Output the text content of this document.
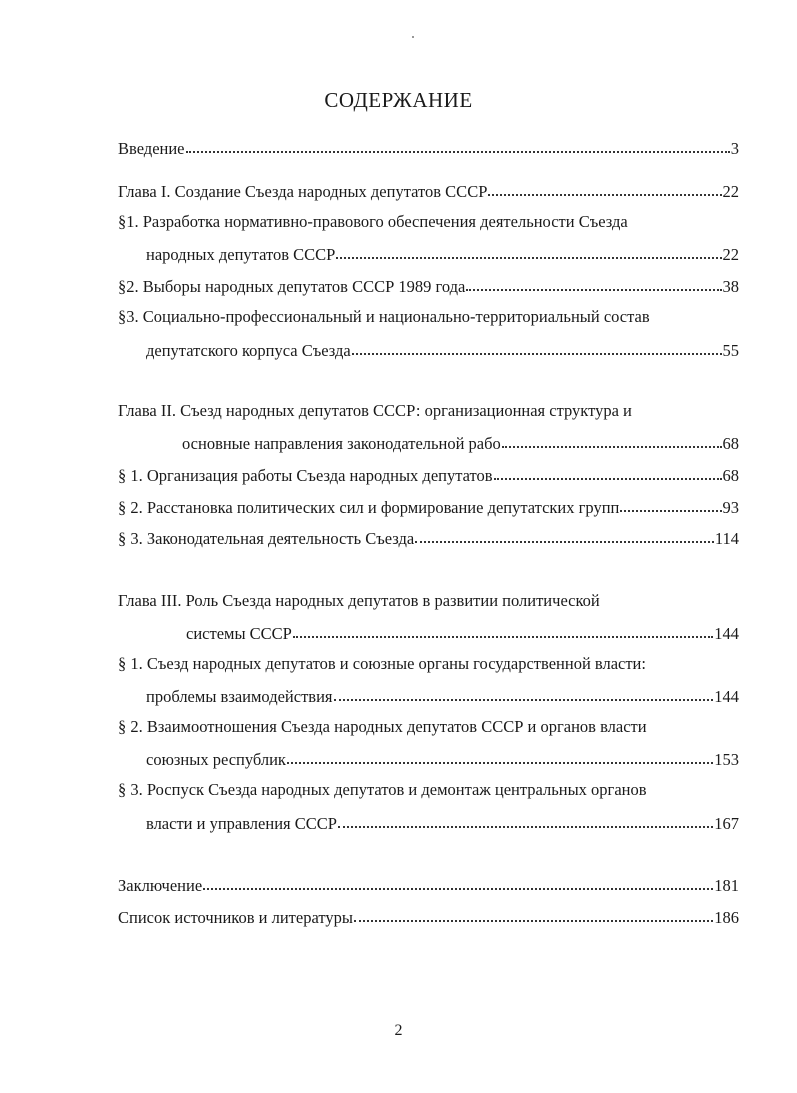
СОДЕРЖАНИЕ
Введение	3
Глава I. Создание Съезда народных депутатов СССР	22
§1. Разработка нормативно-правового обеспечения деятельности Съезда
народных депутатов СССР	22
§2. Выборы народных депутатов СССР 1989 года	38
§3. Социально-профессиональный и национально-территориальный состав
депутатского корпуса Съезда	55
Глава II. Съезд народных депутатов СССР: организационная структура и
основные направления законодательной рабо	68
§ 1. Организация работы Съезда народных депутатов	68
§ 2. Расстановка политических сил и формирование депутатских групп	93
§ 3. Законодательная деятельность Съезда	114
Глава III. Роль Съезда народных депутатов в развитии политической
системы СССР	144
§ 1. Съезд народных депутатов и союзные органы государственной власти:
проблемы взаимодействия	144
§ 2. Взаимоотношения Съезда народных депутатов СССР и органов власти
союзных республик	153
§ 3. Роспуск Съезда народных депутатов и демонтаж центральных органов
власти и управления СССР	167
Заключение	181
Список источников и литературы	186
2
